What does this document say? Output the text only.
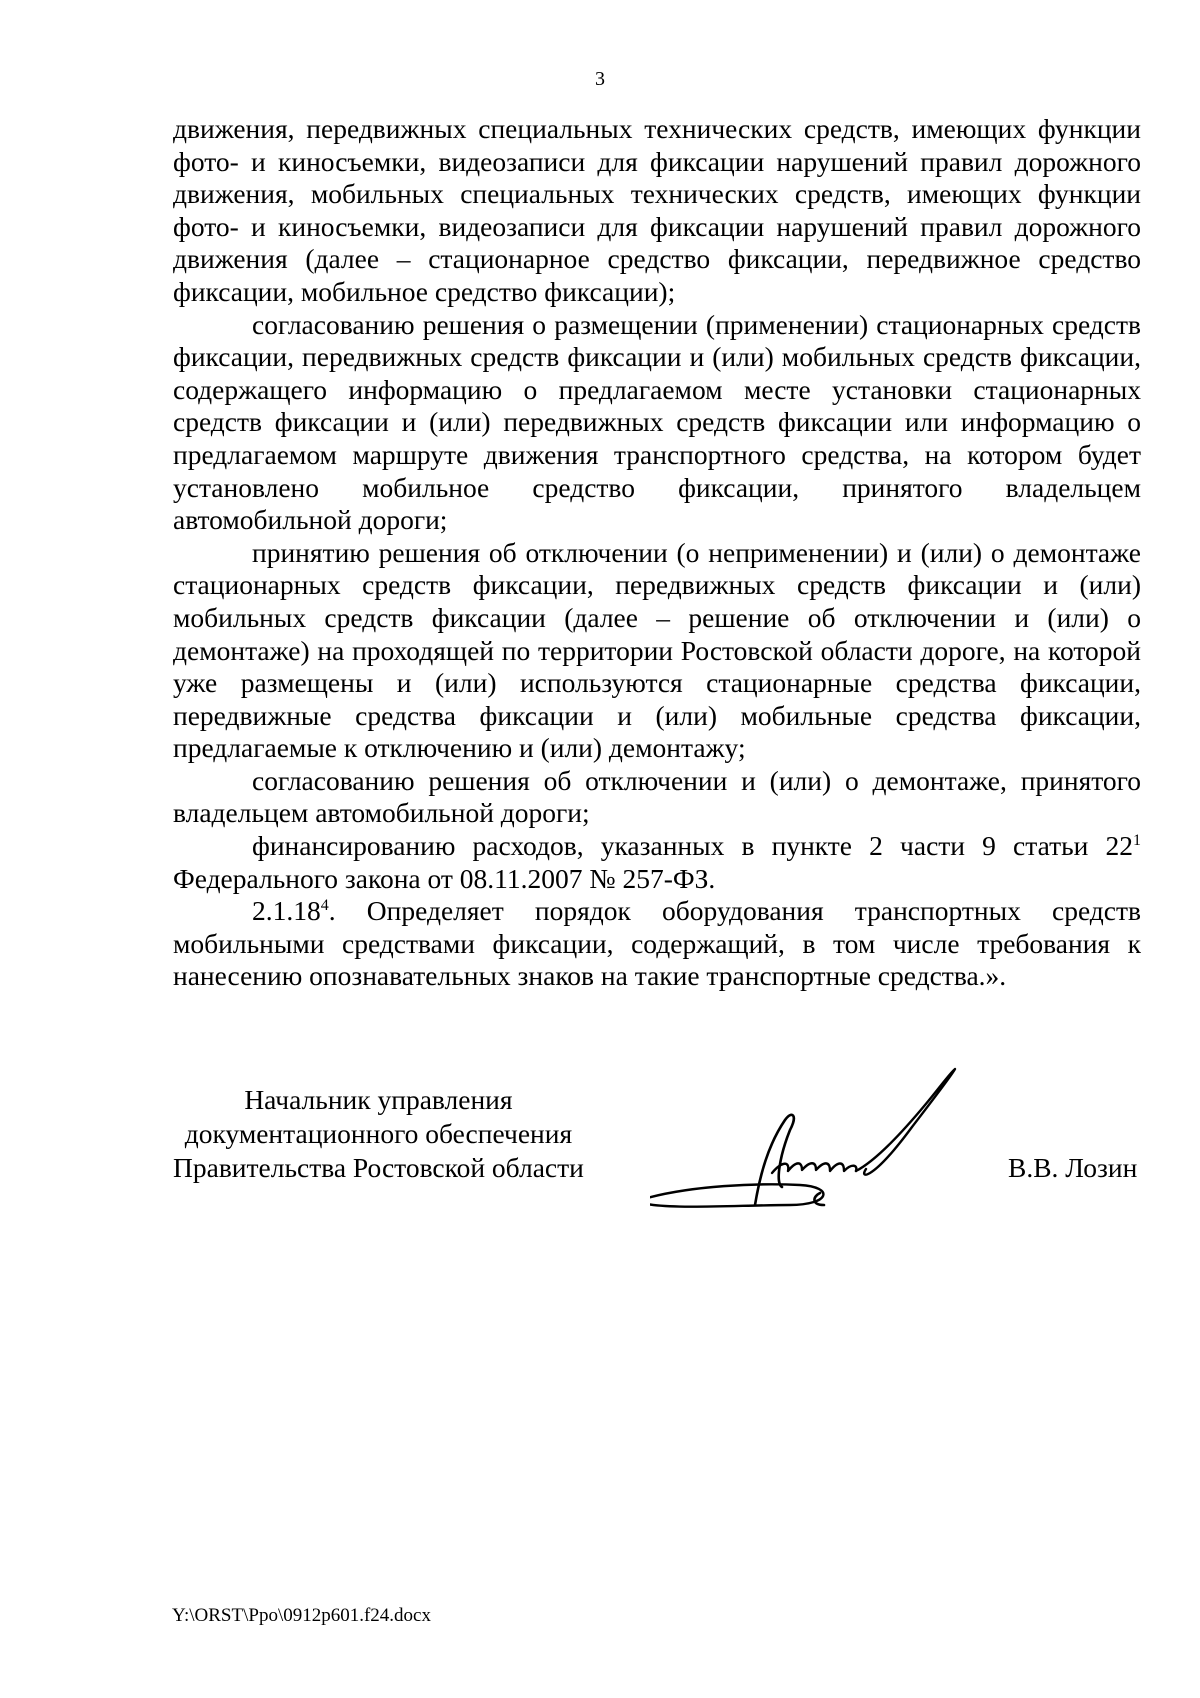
3

движения, передвижных специальных технических средств, имеющих функции фото- и киносъемки, видеозаписи для фиксации нарушений правил дорожного движения, мобильных специальных технических средств, имеющих функции фото- и киносъемки, видеозаписи для фиксации нарушений правил дорожного движения (далее – стационарное средство фиксации, передвижное средство фиксации, мобильное средство фиксации);

согласованию решения о размещении (применении) стационарных средств фиксации, передвижных средств фиксации и (или) мобильных средств фиксации, содержащего информацию о предлагаемом месте установки стационарных средств фиксации и (или) передвижных средств фиксации или информацию о предлагаемом маршруте движения транспортного средства, на котором будет установлено мобильное средство фиксации, принятого владельцем автомобильной дороги;

принятию решения об отключении (о неприменении) и (или) о демонтаже стационарных средств фиксации, передвижных средств фиксации и (или) мобильных средств фиксации (далее – решение об отключении и (или) о демонтаже) на проходящей по территории Ростовской области дороге, на которой уже размещены и (или) используются стационарные средства фиксации, передвижные средства фиксации и (или) мобильные средства фиксации, предлагаемые к отключению и (или) демонтажу;

согласованию решения об отключении и (или) о демонтаже, принятого владельцем автомобильной дороги;

финансированию расходов, указанных в пункте 2 части 9 статьи $22^1$ Федерального закона от 08.11.2007 № 257-ФЗ.

2.1.18$^4$. Определяет порядок оборудования транспортных средств мобильными средствами фиксации, содержащий, в том числе требования к нанесению опознавательных знаков на такие транспортные средства.».

Начальник управления
документационного обеспечения
Правительства Ростовской области	В.В. Лозин
Y:\ORST\Ppo\0912p601.f24.docx
